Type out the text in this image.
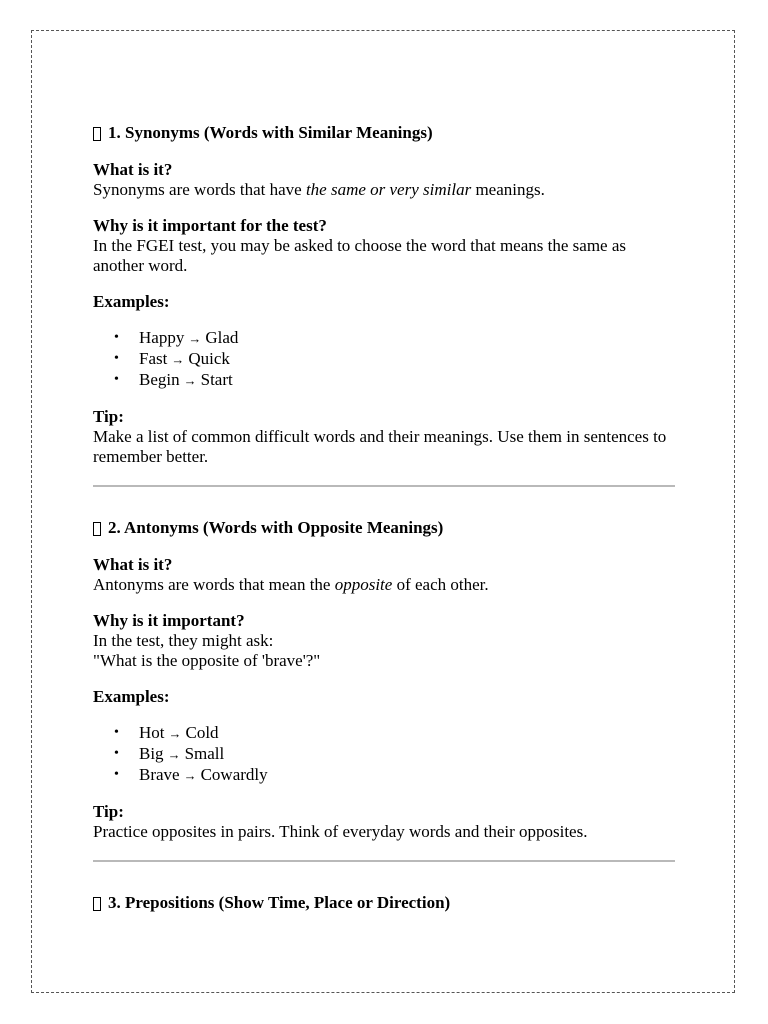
1. Synonyms (Words with Similar Meanings)

What is it?

Synonyms are words that have the same or very similar meanings.

Why is it important for the test?

In the FGEI test, you may be asked to choose the word that means the same as another word.

Examples:

• Happy → Glad
• Fast → Quick
• Begin → Start

Tip:

Make a list of common difficult words and their meanings. Use them in sentences to remember better.

2. Antonyms (Words with Opposite Meanings)

What is it?

Antonyms are words that mean the opposite of each other.

Why is it important?

In the test, they might ask:

"What is the opposite of 'brave'?"

Examples:

• Hot → Cold
• Big → Small
• Brave → Cowardly

Tip:

Practice opposites in pairs. Think of everyday words and their opposites.

3. Prepositions (Show Time, Place or Direction)
